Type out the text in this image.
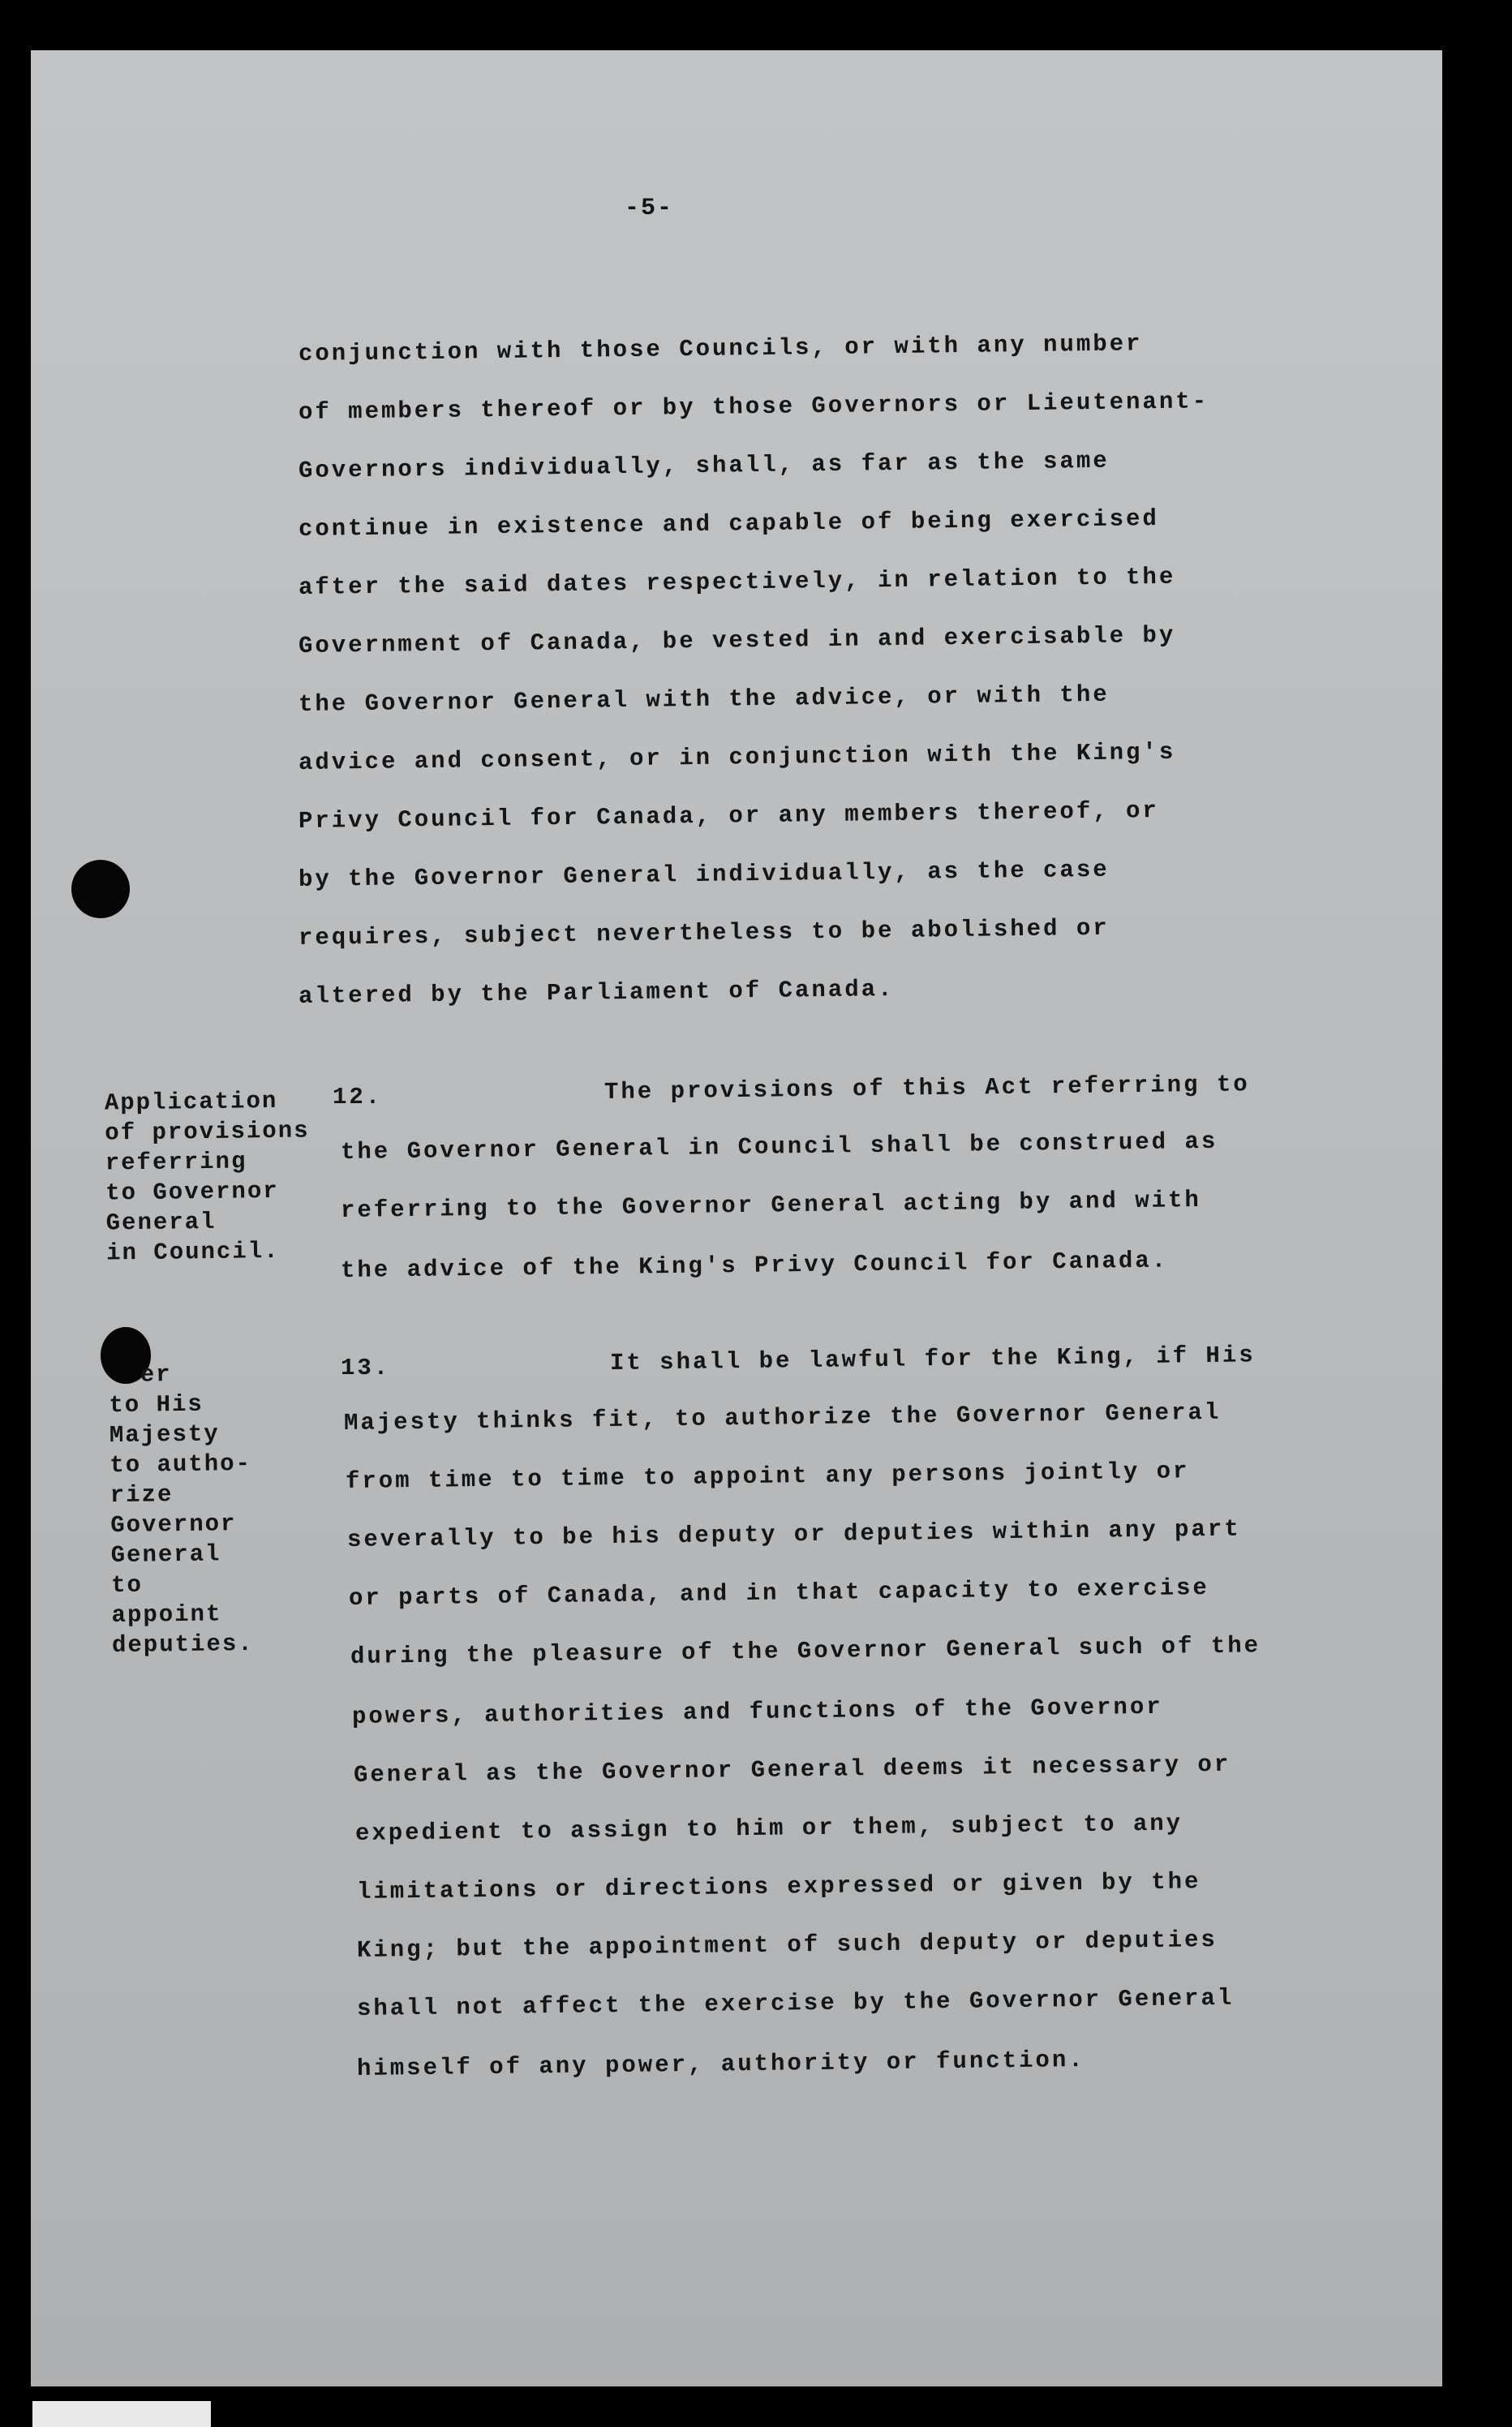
-5-
conjunction with those Councils, or with any number
of members thereof or by those Governors or Lieutenant-
Governors individually, shall, as far as the same
continue in existence and capable of being exercised
after the said dates respectively, in relation to the
Government of Canada, be vested in and exercisable by
the Governor General with the advice, or with the
advice and consent, or in conjunction with the King's
Privy Council for Canada, or any members thereof, or
by the Governor General individually, as the case
requires, subject nevertheless to be abolished or
altered by the Parliament of Canada.
Application
of provisions
referring
to Governor
General
in Council.
12.	The provisions of this Act referring to
the Governor General in Council shall be construed as
referring to the Governor General acting by and with
the advice of the King's Privy Council for Canada.
er
to His
Majesty
to autho-
rize
Governor
General
to
appoint
deputies.
13.	It shall be lawful for the King, if His
Majesty thinks fit, to authorize the Governor General
from time to time to appoint any persons jointly or
severally to be his deputy or deputies within any part
or parts of Canada, and in that capacity to exercise
during the pleasure of the Governor General such of the
powers, authorities and functions of the Governor
General as the Governor General deems it necessary or
expedient to assign to him or them, subject to any
limitations or directions expressed or given by the
King; but the appointment of such deputy or deputies
shall not affect the exercise by the Governor General
himself of any power, authority or function.
